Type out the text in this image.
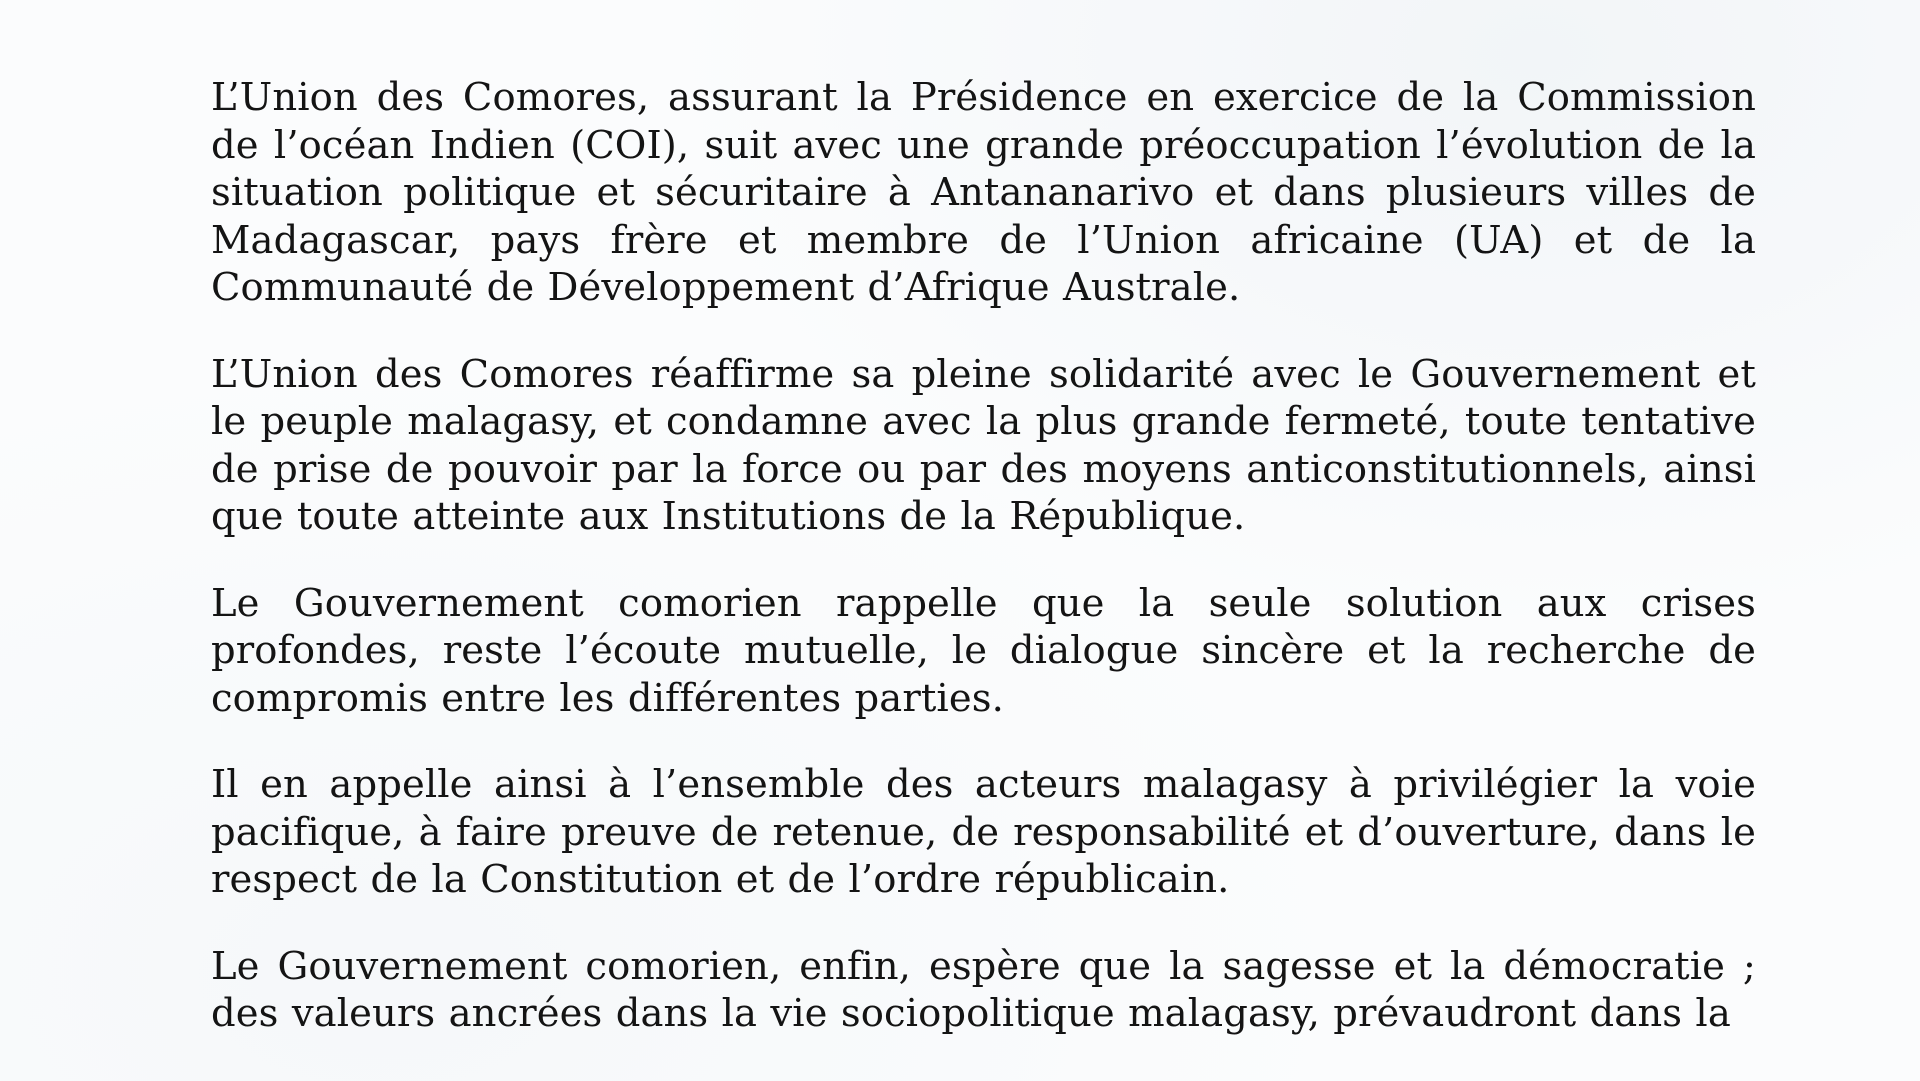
L’Union des Comores, assurant la Présidence en exercice de la Commission de l’océan Indien (COI), suit avec une grande préoccupation l’évolution de la situation politique et sécuritaire à Antananarivo et dans plusieurs villes de Madagascar, pays frère et membre de l’Union africaine (UA) et de la Communauté de Développement d’Afrique Australe.

L’Union des Comores réaffirme sa pleine solidarité avec le Gouvernement et le peuple malagasy, et condamne avec la plus grande fermeté, toute tentative de prise de pouvoir par la force ou par des moyens anticonstitutionnels, ainsi que toute atteinte aux Institutions de la République.

Le Gouvernement comorien rappelle que la seule solution aux crises profondes, reste l’écoute mutuelle, le dialogue sincère et la recherche de compromis entre les différentes parties.

Il en appelle ainsi à l’ensemble des acteurs malagasy à privilégier la voie pacifique, à faire preuve de retenue, de responsabilité et d’ouverture, dans le respect de la Constitution et de l’ordre républicain.

Le Gouvernement comorien, enfin, espère que la sagesse et la démocratie ; des valeurs ancrées dans la vie sociopolitique malagasy, prévaudront dans la
